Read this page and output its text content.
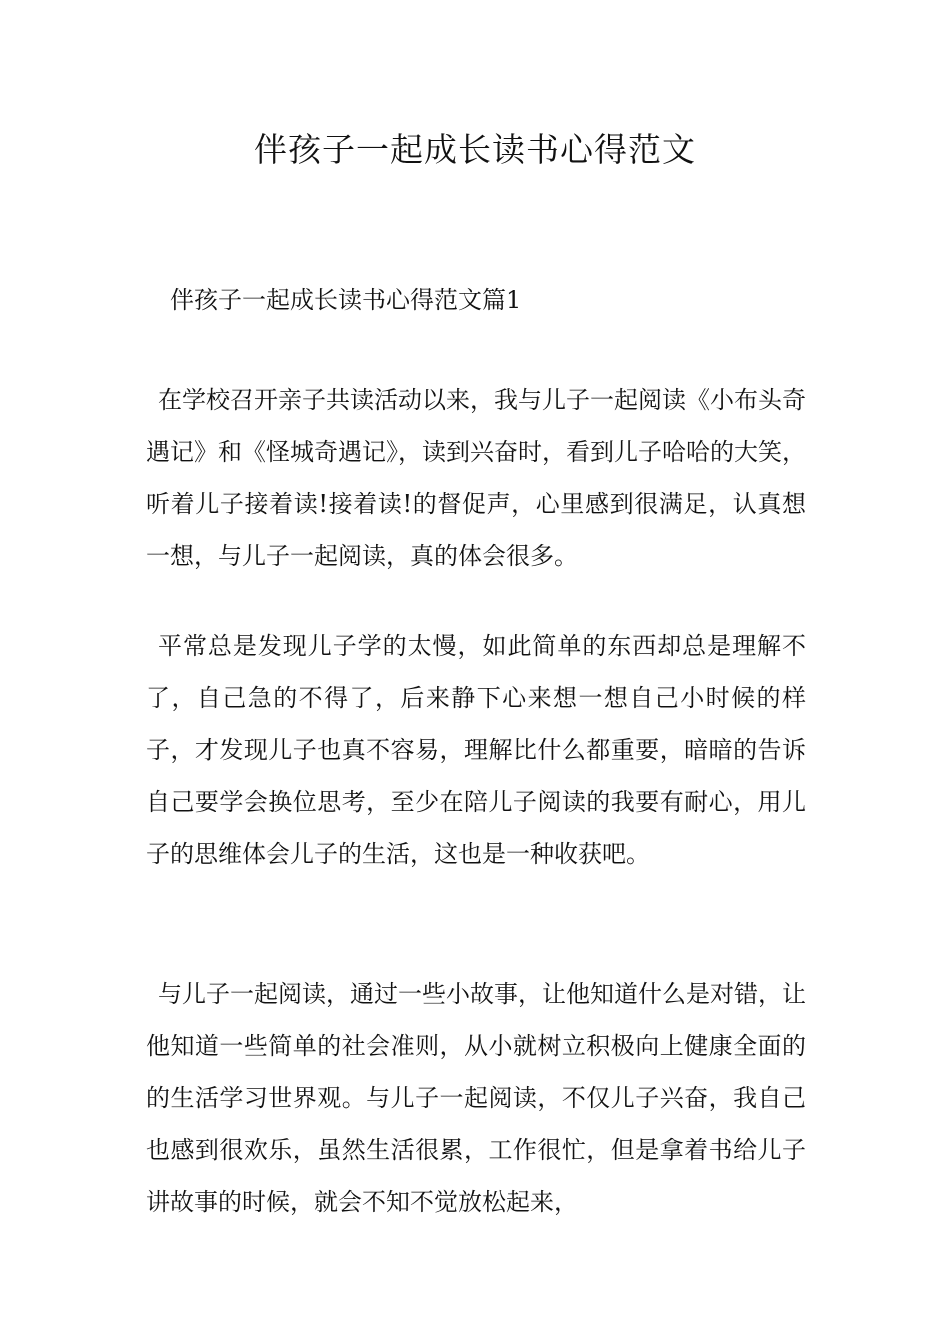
伴孩子一起成长读书心得范文
伴孩子一起成长读书心得范文篇1

在学校召开亲子共读活动以来，我与儿子一起阅读《小布头奇遇记》和《怪城奇遇记》，读到兴奋时，看到儿子哈哈的大笑，听着儿子接着读!接着读!的督促声，心里感到很满足，认真想一想，与儿子一起阅读，真的体会很多。

平常总是发现儿子学的太慢，如此简单的东西却总是理解不了，自己急的不得了，后来静下心来想一想自己小时候的样子，才发现儿子也真不容易，理解比什么都重要，暗暗的告诉自己要学会换位思考，至少在陪儿子阅读的我要有耐心，用儿子的思维体会儿子的生活，这也是一种收获吧。

与儿子一起阅读，通过一些小故事，让他知道什么是对错，让他知道一些简单的社会准则，从小就树立积极向上健康全面的的生活学习世界观。与儿子一起阅读，不仅儿子兴奋，我自己也感到很欢乐，虽然生活很累，工作很忙，但是拿着书给儿子讲故事的时候，就会不知不觉放松起来，
